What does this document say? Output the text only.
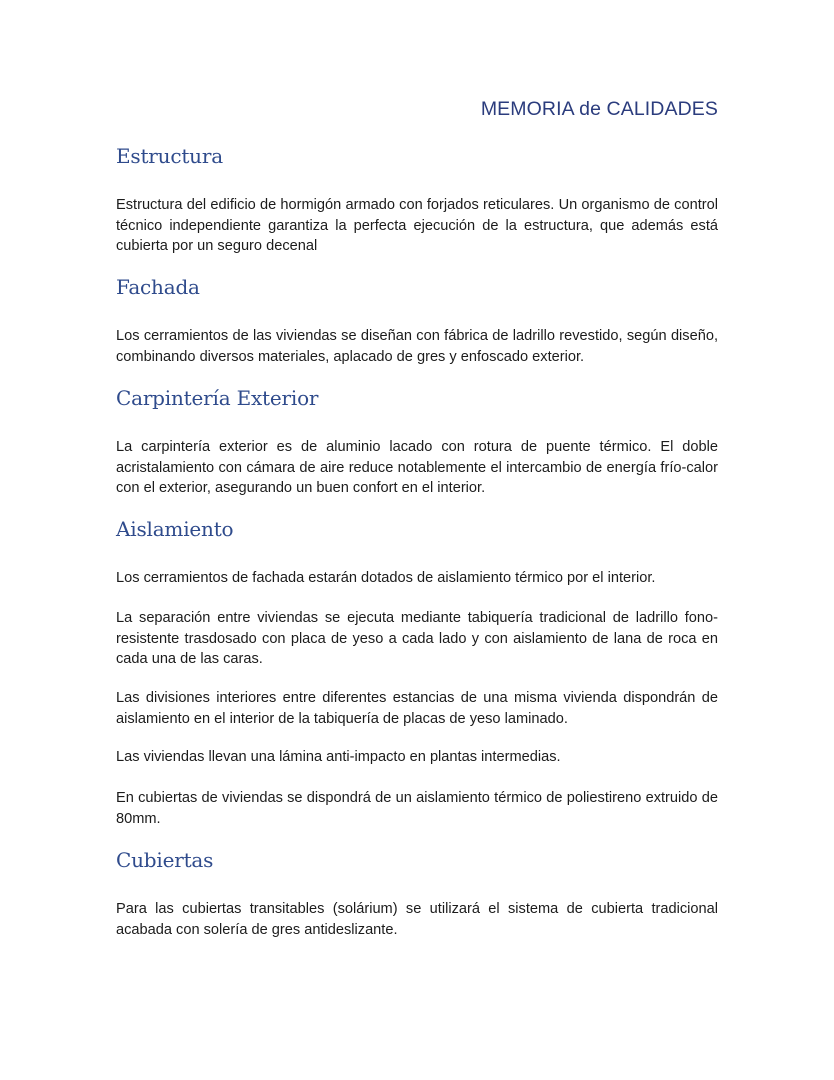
MEMORIA de CALIDADES
Estructura

Estructura del edificio de hormigón armado con forjados reticulares. Un organismo de control técnico independiente garantiza la perfecta ejecución de la estructura, que además está cubierta por un seguro decenal

Fachada

Los cerramientos de las viviendas se diseñan con fábrica de ladrillo revestido, según diseño, combinando diversos materiales, aplacado de gres y enfoscado exterior.

Carpintería Exterior

La carpintería exterior es de aluminio lacado con rotura de puente térmico. El doble acristalamiento con cámara de aire reduce notablemente el intercambio de energía frío-calor con el exterior, asegurando un buen confort en el interior.

Aislamiento

Los cerramientos de fachada estarán dotados de aislamiento térmico por el interior.

La separación entre viviendas se ejecuta mediante tabiquería tradicional de ladrillo fono-resistente trasdosado con placa de yeso a cada lado y con aislamiento de lana de roca en cada una de las caras.

Las divisiones interiores entre diferentes estancias de una misma vivienda dispondrán de aislamiento en el interior de la tabiquería de placas de yeso laminado.

Las viviendas llevan una lámina anti-impacto en plantas intermedias.

En cubiertas de viviendas se dispondrá de un aislamiento térmico de poliestireno extruido de 80mm.

Cubiertas

Para las cubiertas transitables (solárium) se utilizará el sistema de cubierta tradicional acabada con solería de gres antideslizante.
